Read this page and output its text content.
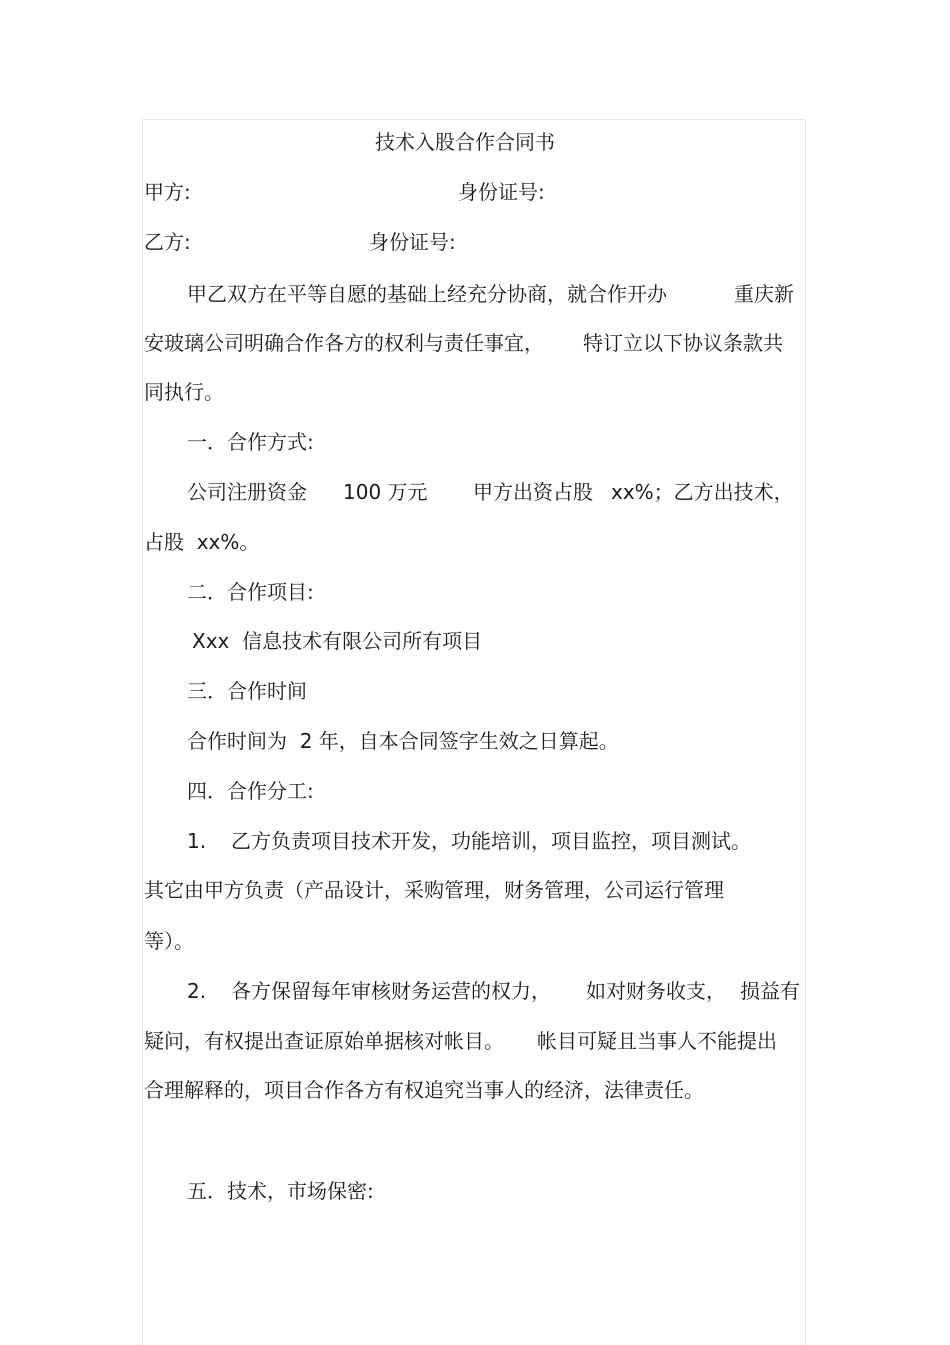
技术入股合作合同书

甲方:	身份证号:

乙方:	身份证号:

甲乙双方在平等自愿的基础上经充分协商，就合作开办	重庆新

安玻璃公司明确合作各方的权利与责任事宜， 特订立以下协议条款共

同执行。

一．合作方式:

公司注册资金 100 万元 甲方出资占股 xx%；乙方出技术，

占股  xx%。

二．合作项目:

Xxx  信息技术有限公司所有项目

三．合作时间

合作时间为  2 年，自本合同签字生效之日算起。

四．合作分工:

1. 乙方负责项目技术开发，功能培训，项目监控，项目测试。

其它由甲方负责（产品设计，采购管理，财务管理，公司运行管理

等）。

2. 各方保留每年审核财务运营的权力， 如对财务收支， 损益有

疑问，有权提出查证原始单据核对帐目。 帐目可疑且当事人不能提出

合理解释的，项目合作各方有权追究当事人的经济，法律责任。

五．技术，市场保密:
